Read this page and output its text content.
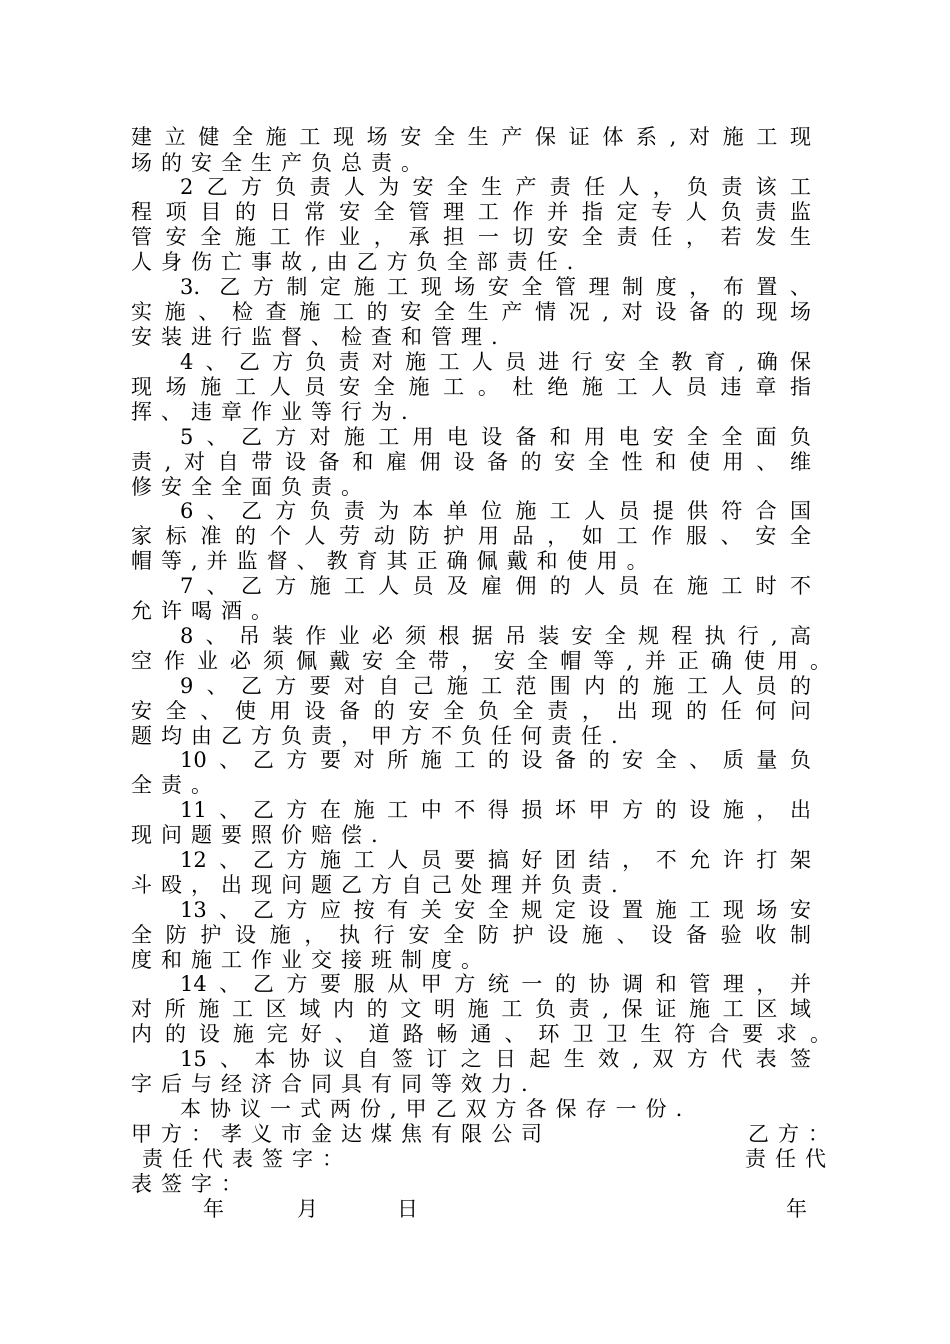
建立健全施工现场安全生产保证体系,对施工现
场的安全生产负总责。
2乙方负责人为安全生产责任人，负责该工
程项目的日常安全管理工作并指定专人负责监
管安全施工作业，承担一切安全责任，若发生
人身伤亡事故,由乙方负全部责任.
3. 乙方制定施工现场安全管理制度，布置、
实施、检查施工的安全生产情况,对设备的现场
安装进行监督、检查和管理.
4、乙方负责对施工人员进行安全教育,确保
现场施工人员安全施工。杜绝施工人员违章指
挥、违章作业等行为.
5、乙方对施工用电设备和用电安全全面负
责,对自带设备和雇佣设备的安全性和使用、维
修安全全面负责。
6、乙方负责为本单位施工人员提供符合国
家标准的个人劳动防护用品，如工作服、安全
帽等,并监督、教育其正确佩戴和使用。
7、乙方施工人员及雇佣的人员在施工时不
允许喝酒。
8、吊装作业必须根据吊装安全规程执行,高
空作业必须佩戴安全带，安全帽等,并正确使用。
9、乙方要对自己施工范围内的施工人员的
安全、使用设备的安全负全责，出现的任何问
题均由乙方负责，甲方不负任何责任.
10、乙方要对所施工的设备的安全、质量负
全责。
11、乙方在施工中不得损坏甲方的设施，出
现问题要照价赔偿.
12、乙方施工人员要搞好团结，不允许打架
斗殴，出现问题乙方自己处理并负责.
13、乙方应按有关安全规定设置施工现场安
全防护设施，执行安全防护设施、设备验收制
度和施工作业交接班制度。
14、乙方要服从甲方统一的协调和管理，并
对所施工区域内的文明施工负责,保证施工区域
内的设施完好、道路畅通、环卫卫生符合要求。
15、本协议自签订之日起生效,双方代表签
字后与经济合同具有同等效力.
本协议一式两份,甲乙双方各保存一份.
甲方：孝义市金达煤焦有限公司	乙方：
责任代表签字：	责任代
表签字：
年	月	日	年
